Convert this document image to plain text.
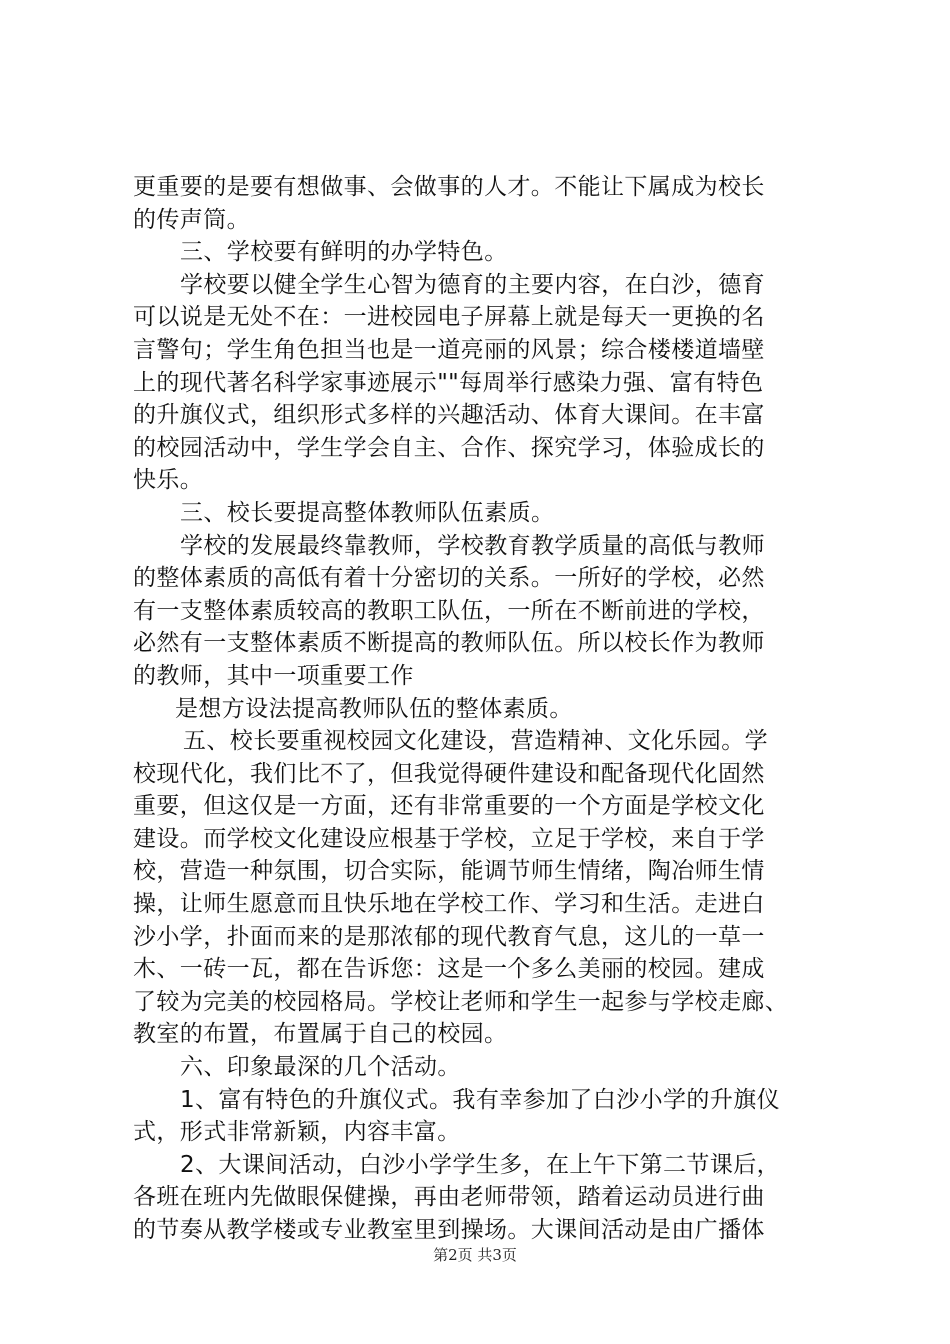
更重要的是要有想做事、会做事的人才。不能让下属成为校长
的传声筒。
三、学校要有鲜明的办学特色。
学校要以健全学生心智为德育的主要内容，在白沙，德育
可以说是无处不在：一进校园电子屏幕上就是每天一更换的名
言警句；学生角色担当也是一道亮丽的风景；综合楼楼道墙壁
上的现代著名科学家事迹展示""每周举行感染力强、富有特色
的升旗仪式，组织形式多样的兴趣活动、体育大课间。在丰富
的校园活动中，学生学会自主、合作、探究学习，体验成长的
快乐。
三、校长要提高整体教师队伍素质。
学校的发展最终靠教师，学校教育教学质量的高低与教师
的整体素质的高低有着十分密切的关系。一所好的学校，必然
有一支整体素质较高的教职工队伍，一所在不断前进的学校，
必然有一支整体素质不断提高的教师队伍。所以校长作为教师
的教师，其中一项重要工作
是想方设法提高教师队伍的整体素质。
五、校长要重视校园文化建设，营造精神、文化乐园。学
校现代化，我们比不了，但我觉得硬件建设和配备现代化固然
重要，但这仅是一方面，还有非常重要的一个方面是学校文化
建设。而学校文化建设应根基于学校，立足于学校，来自于学
校，营造一种氛围，切合实际，能调节师生情绪，陶冶师生情
操，让师生愿意而且快乐地在学校工作、学习和生活。走进白
沙小学，扑面而来的是那浓郁的现代教育气息，这儿的一草一
木、一砖一瓦，都在告诉您：这是一个多么美丽的校园。建成
了较为完美的校园格局。学校让老师和学生一起参与学校走廊、
教室的布置，布置属于自己的校园。
六、印象最深的几个活动。
1、富有特色的升旗仪式。我有幸参加了白沙小学的升旗仪
式，形式非常新颖，内容丰富。
2、大课间活动，白沙小学学生多，在上午下第二节课后，
各班在班内先做眼保健操，再由老师带领，踏着运动员进行曲
的节奏从教学楼或专业教室里到操场。大课间活动是由广播体
第2页 共3页
